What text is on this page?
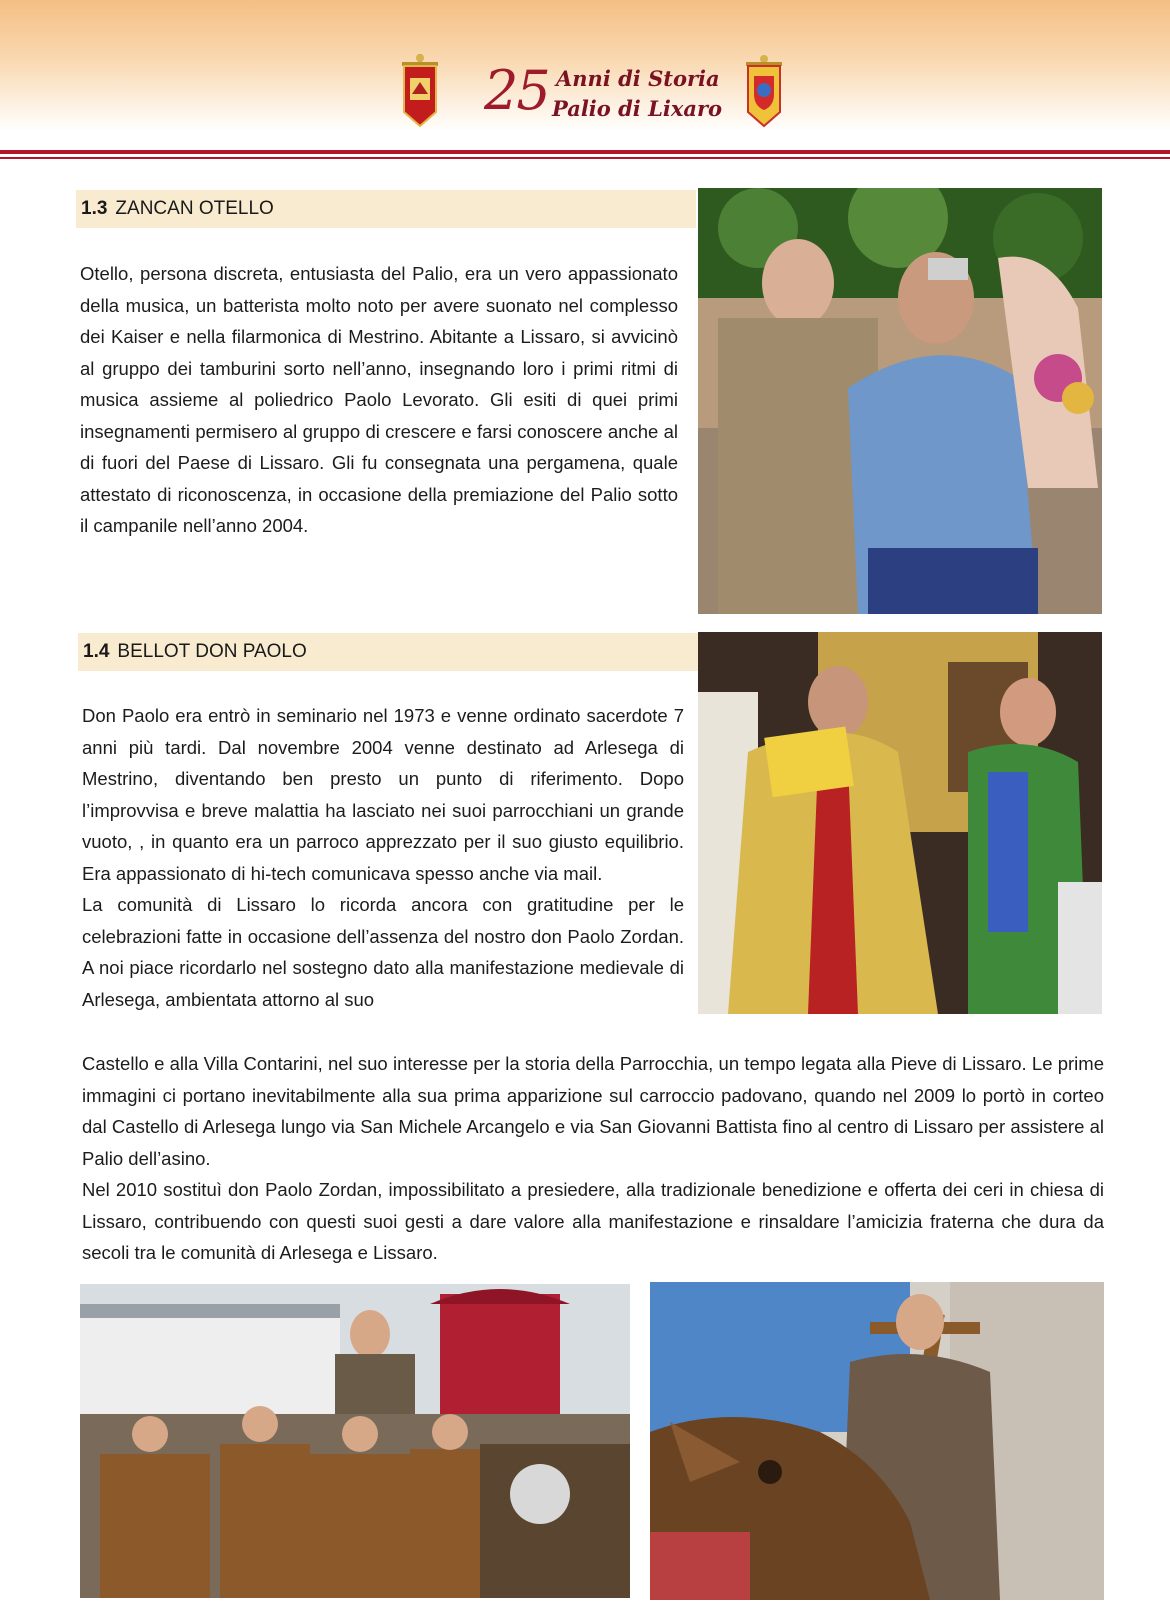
25 Anni di Storia
Palio di Lixaro
1.3 ZANCAN OTELLO

Otello, persona discreta, entusiasta del Palio, era un vero appassionato della musica, un batterista molto noto per avere suonato nel complesso dei Kaiser e nella filarmonica di Mestrino. Abitante a Lissaro, si avvicinò al gruppo dei tamburini sorto nell’anno, insegnando loro i primi ritmi di musica assieme al poliedrico Paolo Levorato. Gli esiti di quei primi insegnamenti permisero al gruppo di crescere e farsi conoscere anche al di fuori del Paese di Lissaro. Gli fu consegnata una pergamena, quale attestato di riconoscenza, in occasione della premiazione del Palio sotto il campanile nell’anno 2004.

1.4 BELLOT DON PAOLO

Don Paolo era entrò in seminario nel 1973 e venne ordinato sacerdote 7 anni più tardi. Dal novembre 2004 venne destinato ad Arlesega di Mestrino, diventando ben presto un punto di riferimento. Dopo l’improvvisa e breve malattia ha lasciato nei suoi parrocchiani un grande vuoto, , in quanto era un parroco apprezzato per il suo giusto equilibrio. Era appassionato di hi-tech comunicava spesso anche via mail.
La comunità di Lissaro lo ricorda ancora con gratitudine per le celebrazioni fatte in occasione dell’assenza del nostro don Paolo Zordan. A noi piace ricordarlo nel sostegno dato alla manifestazione medievale di Arlesega, ambientata attorno al suo

Castello e alla Villa Contarini, nel suo interesse per la storia della Parrocchia, un tempo legata alla Pieve di Lissaro. Le prime immagini ci portano inevitabilmente alla sua prima apparizione sul carroccio padovano, quando nel 2009 lo portò in corteo dal Castello di Arlesega lungo via San Michele Arcangelo e via San Giovanni Battista fino al centro di Lissaro per assistere al Palio dell’asino.
Nel 2010 sostituì don Paolo Zordan, impossibilitato a presiedere, alla tradizionale benedizione e offerta dei ceri in chiesa di Lissaro, contribuendo con questi suoi gesti a dare valore alla manifestazione e rinsaldare l’amicizia fraterna che dura da secoli tra le comunità di Arlesega e Lissaro.
